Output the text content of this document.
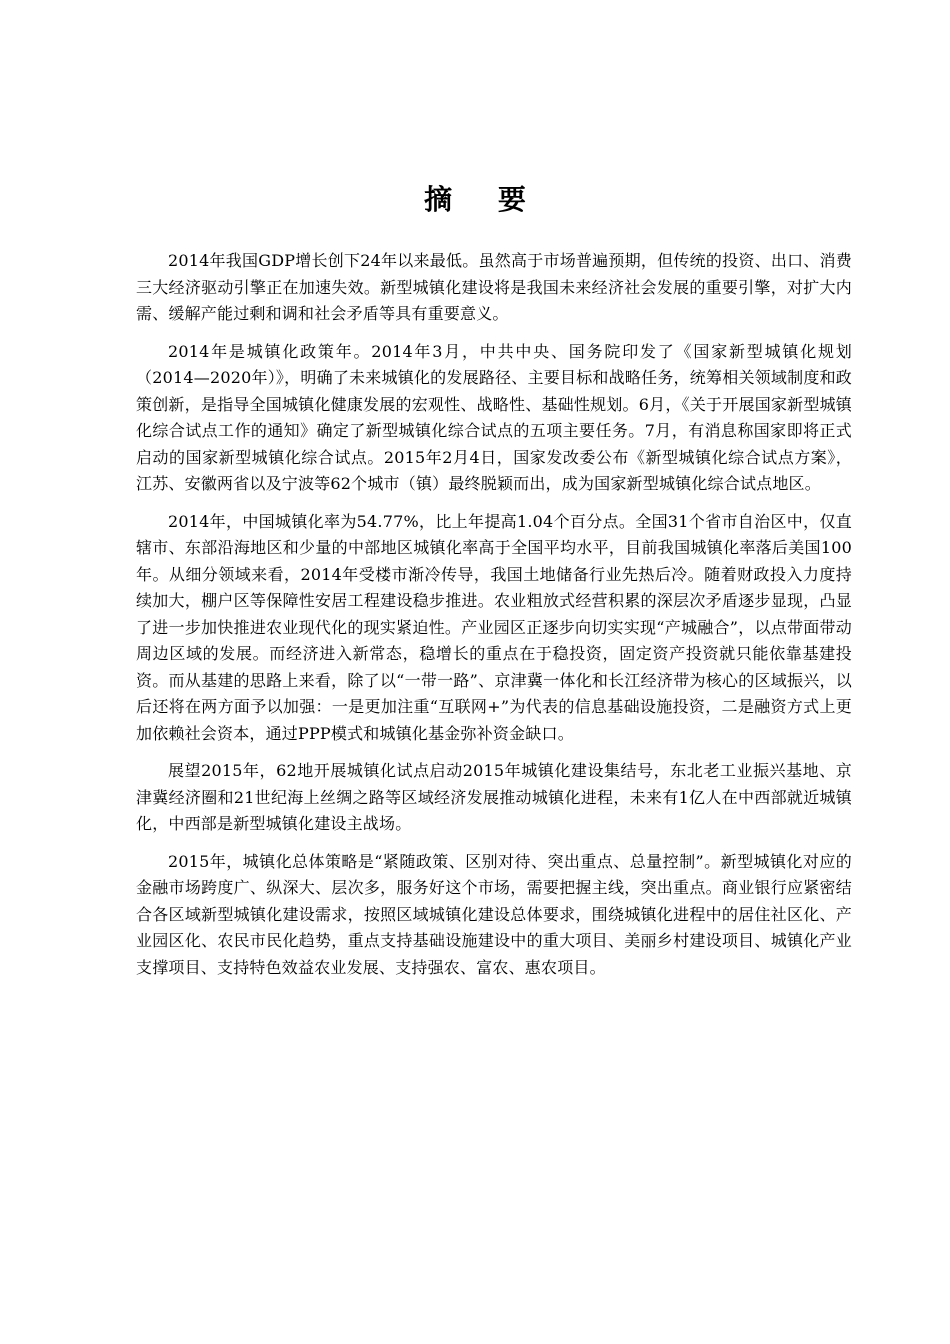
摘 要

2014年我国GDP增长创下24年以来最低。虽然高于市场普遍预期，但传统的投资、出口、消费三大经济驱动引擎正在加速失效。新型城镇化建设将是我国未来经济社会发展的重要引擎，对扩大内需、缓解产能过剩和调和社会矛盾等具有重要意义。

2014年是城镇化政策年。2014年3月，中共中央、国务院印发了《国家新型城镇化规划（2014—2020年）》，明确了未来城镇化的发展路径、主要目标和战略任务，统筹相关领域制度和政策创新，是指导全国城镇化健康发展的宏观性、战略性、基础性规划。6月，《关于开展国家新型城镇化综合试点工作的通知》确定了新型城镇化综合试点的五项主要任务。7月，有消息称国家即将正式启动的国家新型城镇化综合试点。2015年2月4日，国家发改委公布《新型城镇化综合试点方案》，江苏、安徽两省以及宁波等62个城市（镇）最终脱颖而出，成为国家新型城镇化综合试点地区。

2014年，中国城镇化率为54.77%，比上年提高1.04个百分点。全国31个省市自治区中，仅直辖市、东部沿海地区和少量的中部地区城镇化率高于全国平均水平，目前我国城镇化率落后美国100年。从细分领域来看，2014年受楼市渐冷传导，我国土地储备行业先热后冷。随着财政投入力度持续加大，棚户区等保障性安居工程建设稳步推进。农业粗放式经营积累的深层次矛盾逐步显现，凸显了进一步加快推进农业现代化的现实紧迫性。产业园区正逐步向切实实现“产城融合”，以点带面带动周边区域的发展。而经济进入新常态，稳增长的重点在于稳投资，固定资产投资就只能依靠基建投资。而从基建的思路上来看，除了以“一带一路”、京津冀一体化和长江经济带为核心的区域振兴，以后还将在两方面予以加强：一是更加注重“互联网+”为代表的信息基础设施投资，二是融资方式上更加依赖社会资本，通过PPP模式和城镇化基金弥补资金缺口。

展望2015年，62地开展城镇化试点启动2015年城镇化建设集结号，东北老工业振兴基地、京津冀经济圈和21世纪海上丝绸之路等区域经济发展推动城镇化进程，未来有1亿人在中西部就近城镇化，中西部是新型城镇化建设主战场。

2015年，城镇化总体策略是“紧随政策、区别对待、突出重点、总量控制”。新型城镇化对应的金融市场跨度广、纵深大、层次多，服务好这个市场，需要把握主线，突出重点。商业银行应紧密结合各区域新型城镇化建设需求，按照区域城镇化建设总体要求，围绕城镇化进程中的居住社区化、产业园区化、农民市民化趋势，重点支持基础设施建设中的重大项目、美丽乡村建设项目、城镇化产业支撑项目、支持特色效益农业发展、支持强农、富农、惠农项目。
